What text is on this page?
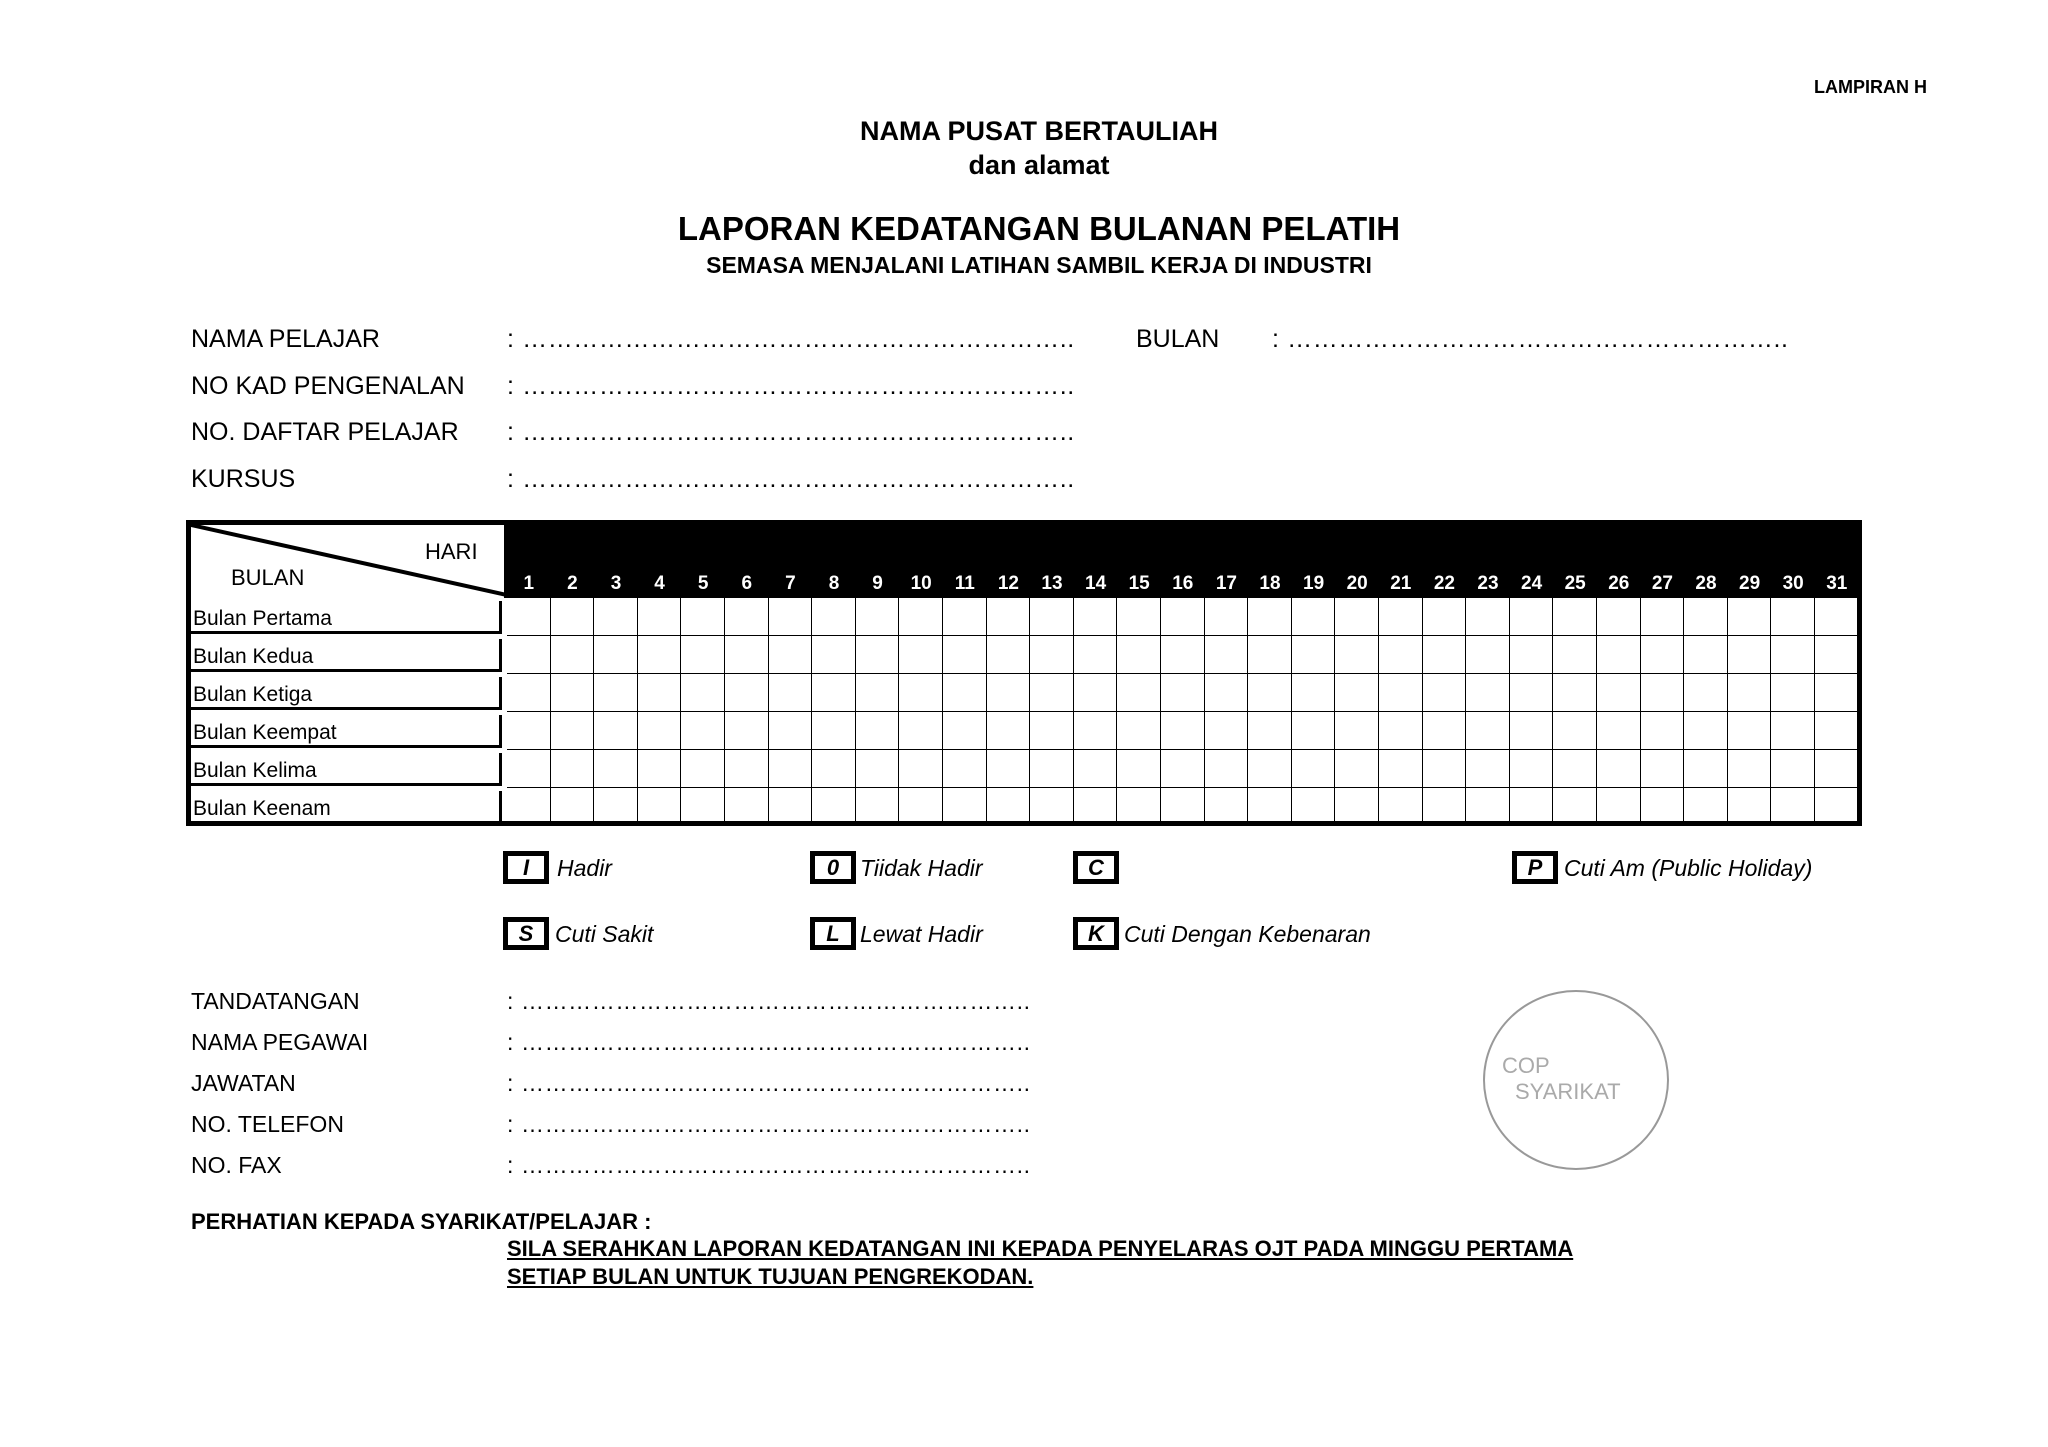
LAMPIRAN H
NAMA PUSAT BERTAULIAH
dan alamat
LAPORAN KEDATANGAN BULANAN PELATIH
SEMASA MENJALANI LATIHAN SAMBIL KERJA DI INDUSTRI
NAMA PELAJAR	: ………………………………………………………..
NO KAD PENGENALAN : ………………………………………………………..
NO. DAFTAR PELAJAR : ………………………………………………………..
KURSUS	: ………………………………………………………..
BULAN : …………………………………………………..
HARI
BULAN	1	2	3	4	5	6	7	8	9	10	11	12	13	14	15	16	17	18	19	20	21	22	23	24	25	26	27	28	29	30	31
Bulan Pertama
Bulan Kedua
Bulan Ketiga
Bulan Keempat
Bulan Kelima
Bulan Keenam
I	Hadir	0 Tiidak Hadir	C	P Cuti Am (Public Holiday)
S Cuti Sakit	L Lewat Hadir	K Cuti Dengan Kebenaran
TANDATANGAN	: ………………………………………………………..
NAMA PEGAWAI	: ………………………………………………………..
JAWATAN	: ………………………………………………………..
NO. TELEFON	: ………………………………………………………..
NO. FAX	: ………………………………………………………..
COP
SYARIKAT
PERHATIAN KEPADA SYARIKAT/PELAJAR :
SILA SERAHKAN LAPORAN KEDATANGAN INI KEPADA PENYELARAS OJT PADA MINGGU PERTAMA
SETIAP BULAN UNTUK TUJUAN PENGREKODAN.
